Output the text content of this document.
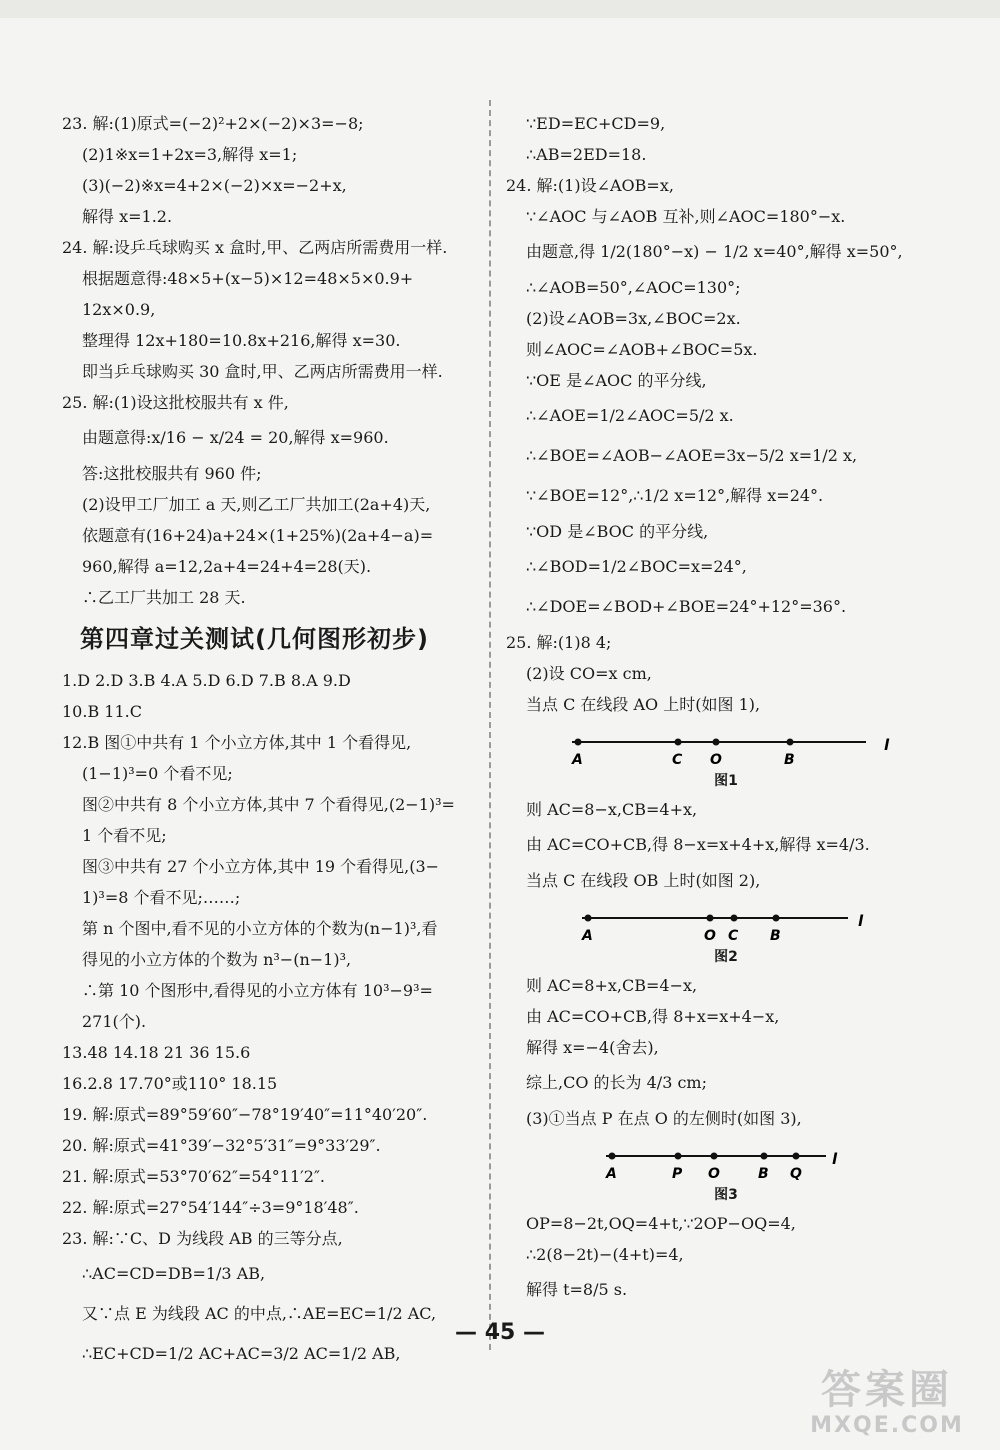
23. 解:(1)原式=(−2)²+2×(−2)×3=−8;
(2)1※x=1+2x=3,解得 x=1;
(3)(−2)※x=4+2×(−2)×x=−2+x,
解得 x=1.2.
24. 解:设乒乓球购买 x 盒时,甲、乙两店所需费用一样.
根据题意得:48×5+(x−5)×12=48×5×0.9+
12x×0.9,
整理得 12x+180=10.8x+216,解得 x=30.
即当乒乓球购买 30 盒时,甲、乙两店所需费用一样.
25. 解:(1)设这批校服共有 x 件,
由题意得:x/16 − x/24 = 20,解得 x=960.
答:这批校服共有 960 件;
(2)设甲工厂加工 a 天,则乙工厂共加工(2a+4)天,
依题意有(16+24)a+24×(1+25%)(2a+4−a)=
960,解得 a=12,2a+4=24+4=28(天).
∴乙工厂共加工 28 天.
第四章过关测试(几何图形初步)
1.D 2.D 3.B 4.A 5.D 6.D 7.B 8.A 9.D
10.B 11.C
12.B 图①中共有 1 个小立方体,其中 1 个看得见,
(1−1)³=0 个看不见;
图②中共有 8 个小立方体,其中 7 个看得见,(2−1)³=
1 个看不见;
图③中共有 27 个小立方体,其中 19 个看得见,(3−
1)³=8 个看不见;……;
第 n 个图中,看不见的小立方体的个数为(n−1)³,看
得见的小立方体的个数为 n³−(n−1)³,
∴第 10 个图形中,看得见的小立方体有 10³−9³=
271(个).
13.48 14.18 21 36 15.6
16.2.8 17.70°或110° 18.15
19. 解:原式=89°59′60″−78°19′40″=11°40′20″.
20. 解:原式=41°39′−32°5′31″=9°33′29″.
21. 解:原式=53°70′62″=54°11′2″.
22. 解:原式=27°54′144″÷3=9°18′48″.
23. 解:∵C、D 为线段 AB 的三等分点,
∴AC=CD=DB=1/3 AB,
又∵点 E 为线段 AC 的中点,∴AE=EC=1/2 AC,
∴EC+CD=1/2 AC+AC=3/2 AC=1/2 AB,
∵ED=EC+CD=9,
∴AB=2ED=18.
24. 解:(1)设∠AOB=x,
∵∠AOC 与∠AOB 互补,则∠AOC=180°−x.
由题意,得 1/2(180°−x) − 1/2 x=40°,解得 x=50°,
∴∠AOB=50°,∠AOC=130°;
(2)设∠AOB=3x,∠BOC=2x.
则∠AOC=∠AOB+∠BOC=5x.
∵OE 是∠AOC 的平分线,
∴∠AOE=1/2∠AOC=5/2 x.
∴∠BOE=∠AOB−∠AOE=3x−5/2 x=1/2 x,
∵∠BOE=12°,∴1/2 x=12°,解得 x=24°.
∵OD 是∠BOC 的平分线,
∴∠BOD=1/2∠BOC=x=24°,
∴∠DOE=∠BOD+∠BOE=24°+12°=36°.
25. 解:(1)8 4;
(2)设 CO=x cm,
当点 C 在线段 AO 上时(如图 1),
A	C O	B
l
图1
则 AC=8−x,CB=4+x,
由 AC=CO+CB,得 8−x=x+4+x,解得 x=4/3.
当点 C 在线段 OB 上时(如图 2),
A	O C B
l
图2
则 AC=8+x,CB=4−x,
由 AC=CO+CB,得 8+x=x+4−x,
解得 x=−4(舍去),
综上,CO 的长为 4/3 cm;
(3)①当点 P 在点 O 的左侧时(如图 3),
A	P O	B Q
l
图3
OP=8−2t,OQ=4+t,∵2OP−OQ=4,
∴2(8−2t)−(4+t)=4,
解得 t=8/5 s.
— 45 —
答案圈
MXQE.COM
